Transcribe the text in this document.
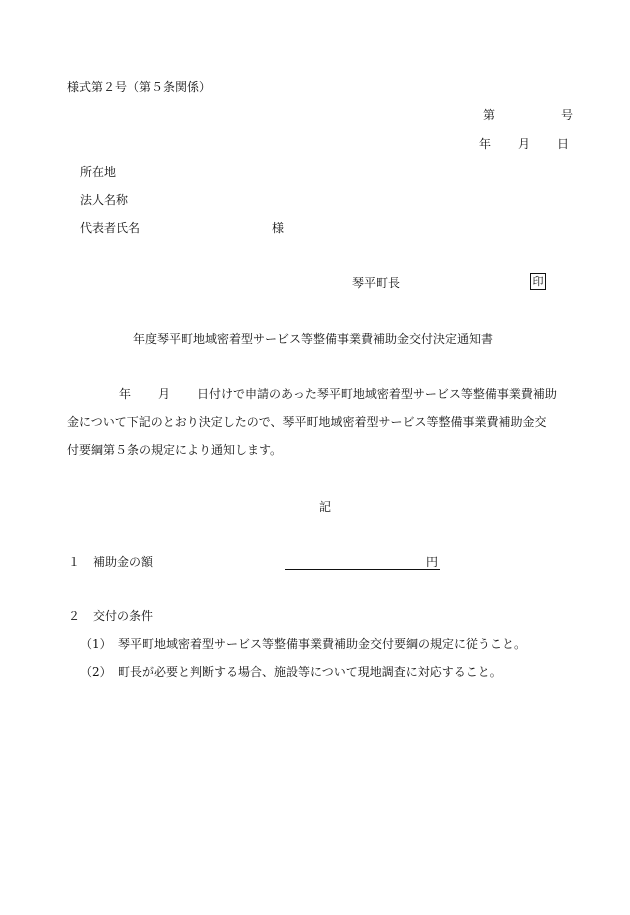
様式第２号（第５条関係）
第	号
年 月 日
所在地
法人名称
代表者氏名	様
琴平町長	印
年度琴平町地域密着型サービス等整備事業費補助金交付決定通知書
年 月 日付けで申請のあった琴平町地域密着型サービス等整備事業費補助
金について下記のとおり決定したので、琴平町地域密着型サービス等整備事業費補助金交
付要綱第５条の規定により通知します。
記
１ 補助金の額	円
２ 交付の条件
（1） 琴平町地域密着型サービス等整備事業費補助金交付要綱の規定に従うこと。
（2） 町長が必要と判断する場合、施設等について現地調査に対応すること。
